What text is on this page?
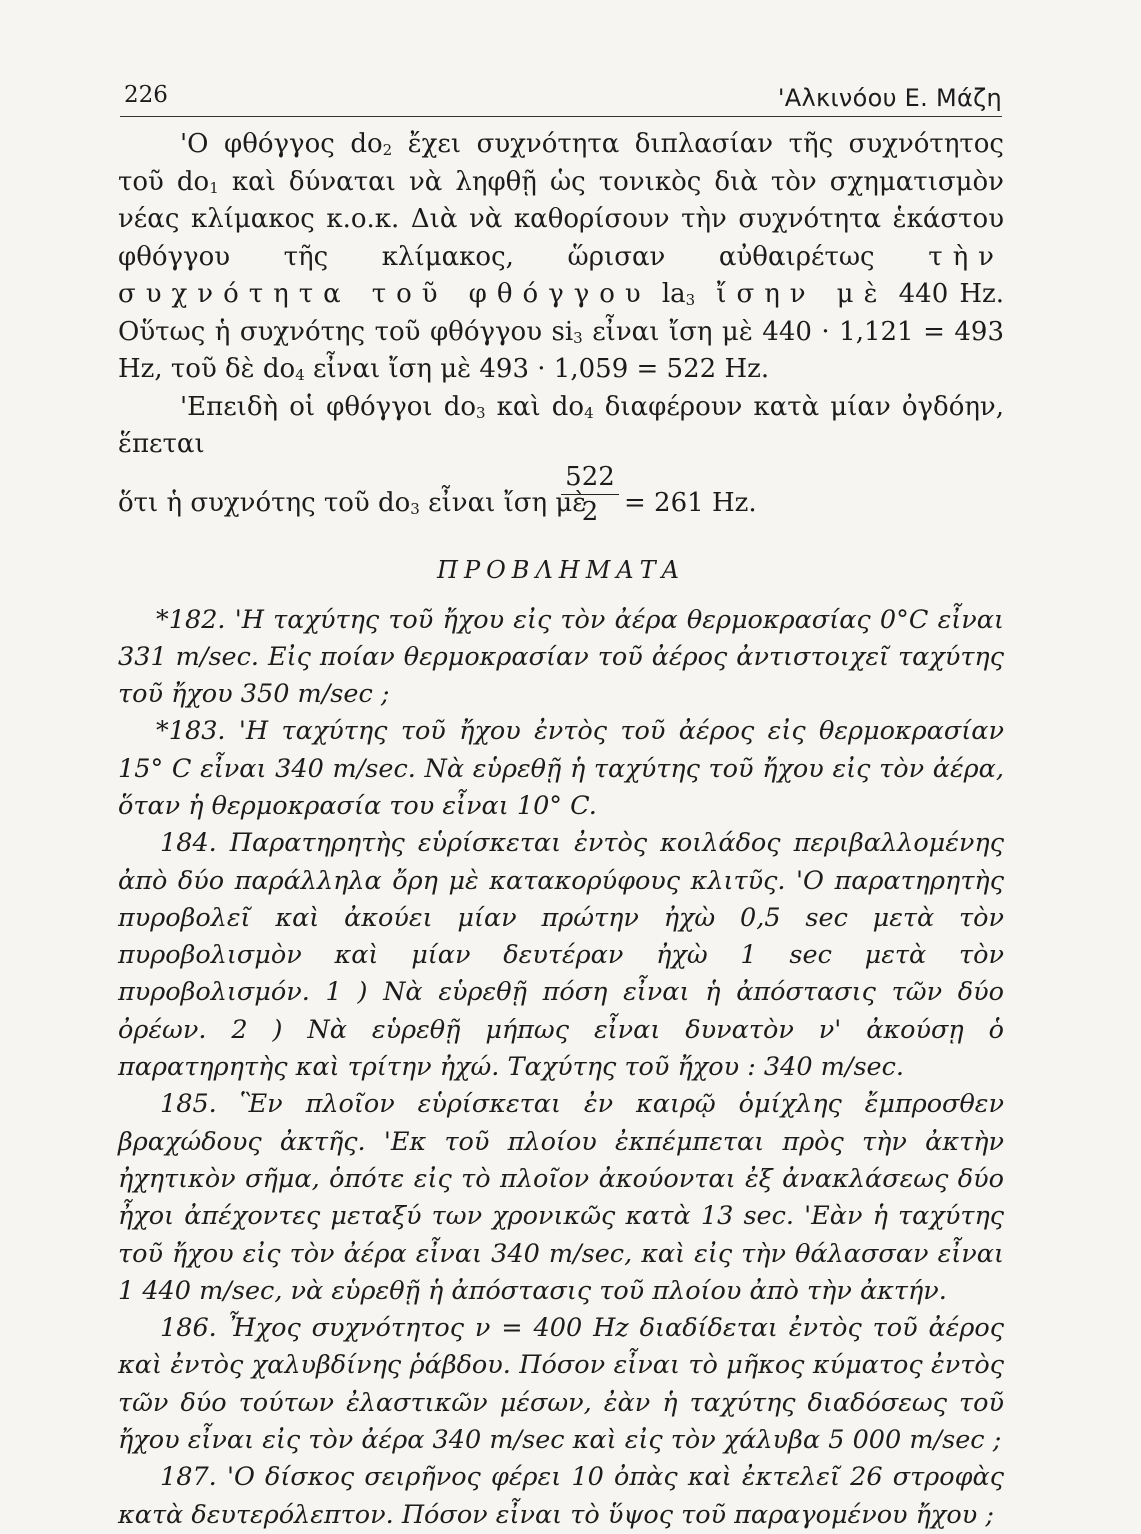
226	'Αλκινόου Ε. Μάζη

'Ο φθόγγος $do_2$ ἔχει συχνότητα διπλασίαν τῆς συχνότητος τοῦ $do_1$ καὶ δύναται νὰ ληφθῇ ὡς τονικὸς διὰ τὸν σχηματισμὸν νέας κλίμακος κ.ο.κ. Διὰ νὰ καθορίσουν τὴν συχνότητα ἑκάστου φθόγγου τῆς κλίμακος, ὥρισαν αὐθαιρέτως τὴν συχνότητα τοῦ φθόγγου $la_3$ ἴσην μὲ 440 Hz. Οὕτως ἡ συχνότης τοῦ φθόγγου $si_3$ εἶναι ἴση μὲ 440 · 1,121 = 493 Hz, τοῦ δὲ $do_4$ εἶναι ἴση μὲ 493 · 1,059 = 522 Hz.

'Επειδὴ οἱ φθόγγοι $do_3$ καὶ $do_4$ διαφέρουν κατὰ μίαν ὀγδόην, ἕπεται

ὅτι ἡ συχνότης τοῦ $do_3$ εἶναι ἴση μὲ
$\frac{522}{2} = 261$ Hz.
ΠΡΟΒΛΗΜΑΤΑ

*182. 'Η ταχύτης τοῦ ἤχου εἰς τὸν ἀέρα θερμοκρασίας 0°C εἶναι 331 m/sec. Εἰς ποίαν θερμοκρασίαν τοῦ ἀέρος ἀντιστοιχεῖ ταχύτης τοῦ ἤχου 350 m/sec ;

*183. 'Η ταχύτης τοῦ ἤχου ἐντὸς τοῦ ἀέρος εἰς θερμοκρασίαν 15° C εἶναι 340 m/sec. Νὰ εὑρεθῇ ἡ ταχύτης τοῦ ἤχου εἰς τὸν ἀέρα, ὅταν ἡ θερμοκρασία του εἶναι 10° C.

184. Παρατηρητὴς εὑρίσκεται ἐντὸς κοιλάδος περιβαλλομένης ἀπὸ δύο παράλληλα ὄρη μὲ κατακορύφους κλιτῦς. 'Ο παρατηρητὴς πυροβολεῖ καὶ ἀκούει μίαν πρώτην ἠχὼ 0,5 sec μετὰ τὸν πυροβολισμὸν καὶ μίαν δευτέραν ἠχὼ 1 sec μετὰ τὸν πυροβολισμόν. 1 ) Νὰ εὑρεθῇ πόση εἶναι ἡ ἀπόστασις τῶν δύο ὀρέων. 2 ) Νὰ εὑρεθῇ μήπως εἶναι δυνατὸν ν' ἀκούσῃ ὁ παρατηρητὴς καὶ τρίτην ἠχώ. Ταχύτης τοῦ ἤχου : 340 m/sec.

185. Ἓν πλοῖον εὑρίσκεται ἐν καιρῷ ὁμίχλης ἔμπροσθεν βραχώδους ἀκτῆς. 'Εκ τοῦ πλοίου ἐκπέμπεται πρὸς τὴν ἀκτὴν ἠχητικὸν σῆμα, ὁπότε εἰς τὸ πλοῖον ἀκούονται ἐξ ἀνακλάσεως δύο ἦχοι ἀπέχοντες μεταξύ των χρονικῶς κατὰ 13 sec. 'Εὰν ἡ ταχύτης τοῦ ἤχου εἰς τὸν ἀέρα εἶναι 340 m/sec, καὶ εἰς τὴν θάλασσαν εἶναι 1 440 m/sec, νὰ εὑρεθῇ ἡ ἀπόστασις τοῦ πλοίου ἀπὸ τὴν ἀκτήν.

186. Ἦχος συχνότητος ν = 400 Hz διαδίδεται ἐντὸς τοῦ ἀέρος καὶ ἐντὸς χαλυβδίνης ῥάβδου. Πόσον εἶναι τὸ μῆκος κύματος ἐντὸς τῶν δύο τούτων ἐλαστικῶν μέσων, ἐὰν ἡ ταχύτης διαδόσεως τοῦ ἤχου εἶναι εἰς τὸν ἀέρα 340 m/sec καὶ εἰς τὸν χάλυβα 5 000 m/sec ;

187. 'Ο δίσκος σειρῆνος φέρει 10 ὀπὰς καὶ ἐκτελεῖ 26 στροφὰς κατὰ δευτερόλεπτον. Πόσον εἶναι τὸ ὕψος τοῦ παραγομένου ἤχου ;
